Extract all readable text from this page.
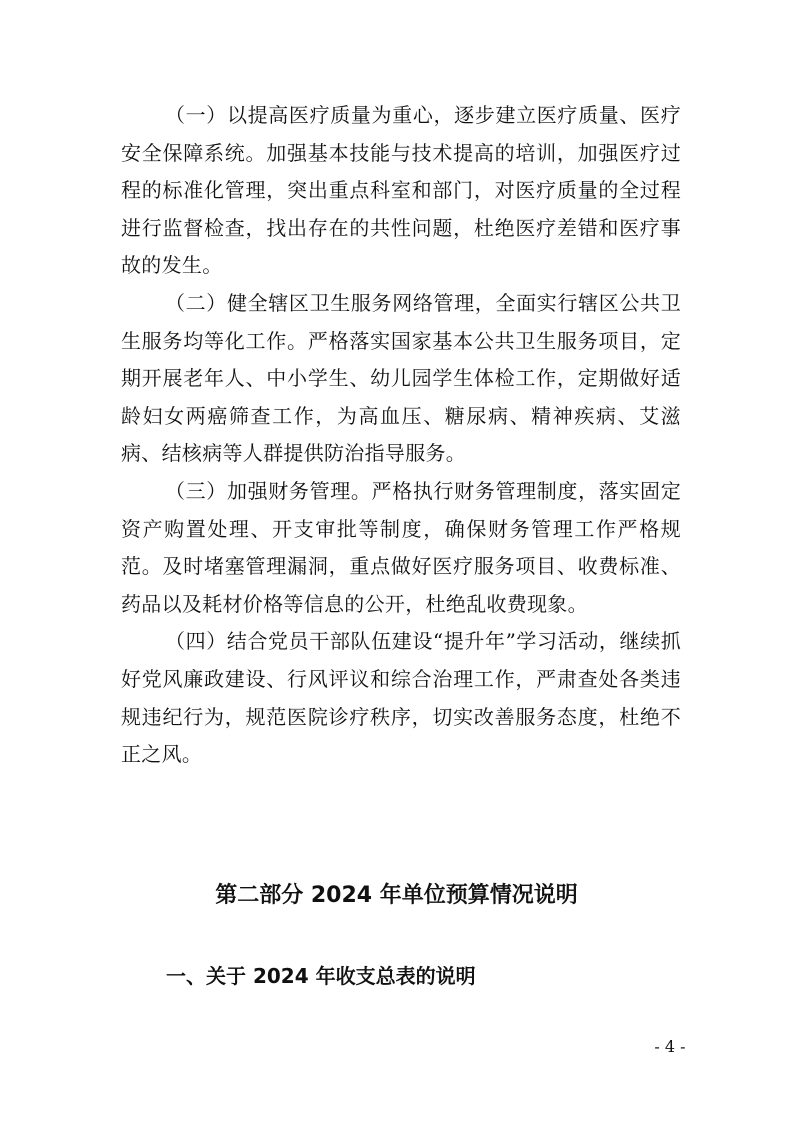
（一）以提高医疗质量为重心，逐步建立医疗质量、医疗安全保障系统。加强基本技能与技术提高的培训，加强医疗过程的标准化管理，突出重点科室和部门，对医疗质量的全过程进行监督检查，找出存在的共性问题，杜绝医疗差错和医疗事故的发生。

（二）健全辖区卫生服务网络管理，全面实行辖区公共卫生服务均等化工作。严格落实国家基本公共卫生服务项目，定期开展老年人、中小学生、幼儿园学生体检工作，定期做好适龄妇女两癌筛查工作，为高血压、糖尿病、精神疾病、艾滋病、结核病等人群提供防治指导服务。

（三）加强财务管理。严格执行财务管理制度，落实固定资产购置处理、开支审批等制度，确保财务管理工作严格规范。及时堵塞管理漏洞，重点做好医疗服务项目、收费标准、药品以及耗材价格等信息的公开，杜绝乱收费现象。

（四）结合党员干部队伍建设“提升年”学习活动，继续抓好党风廉政建设、行风评议和综合治理工作，严肃查处各类违规违纪行为，规范医院诊疗秩序，切实改善服务态度，杜绝不正之风。

第二部分 2024 年单位预算情况说明
一、关于 2024 年收支总表的说明
- 4 -
